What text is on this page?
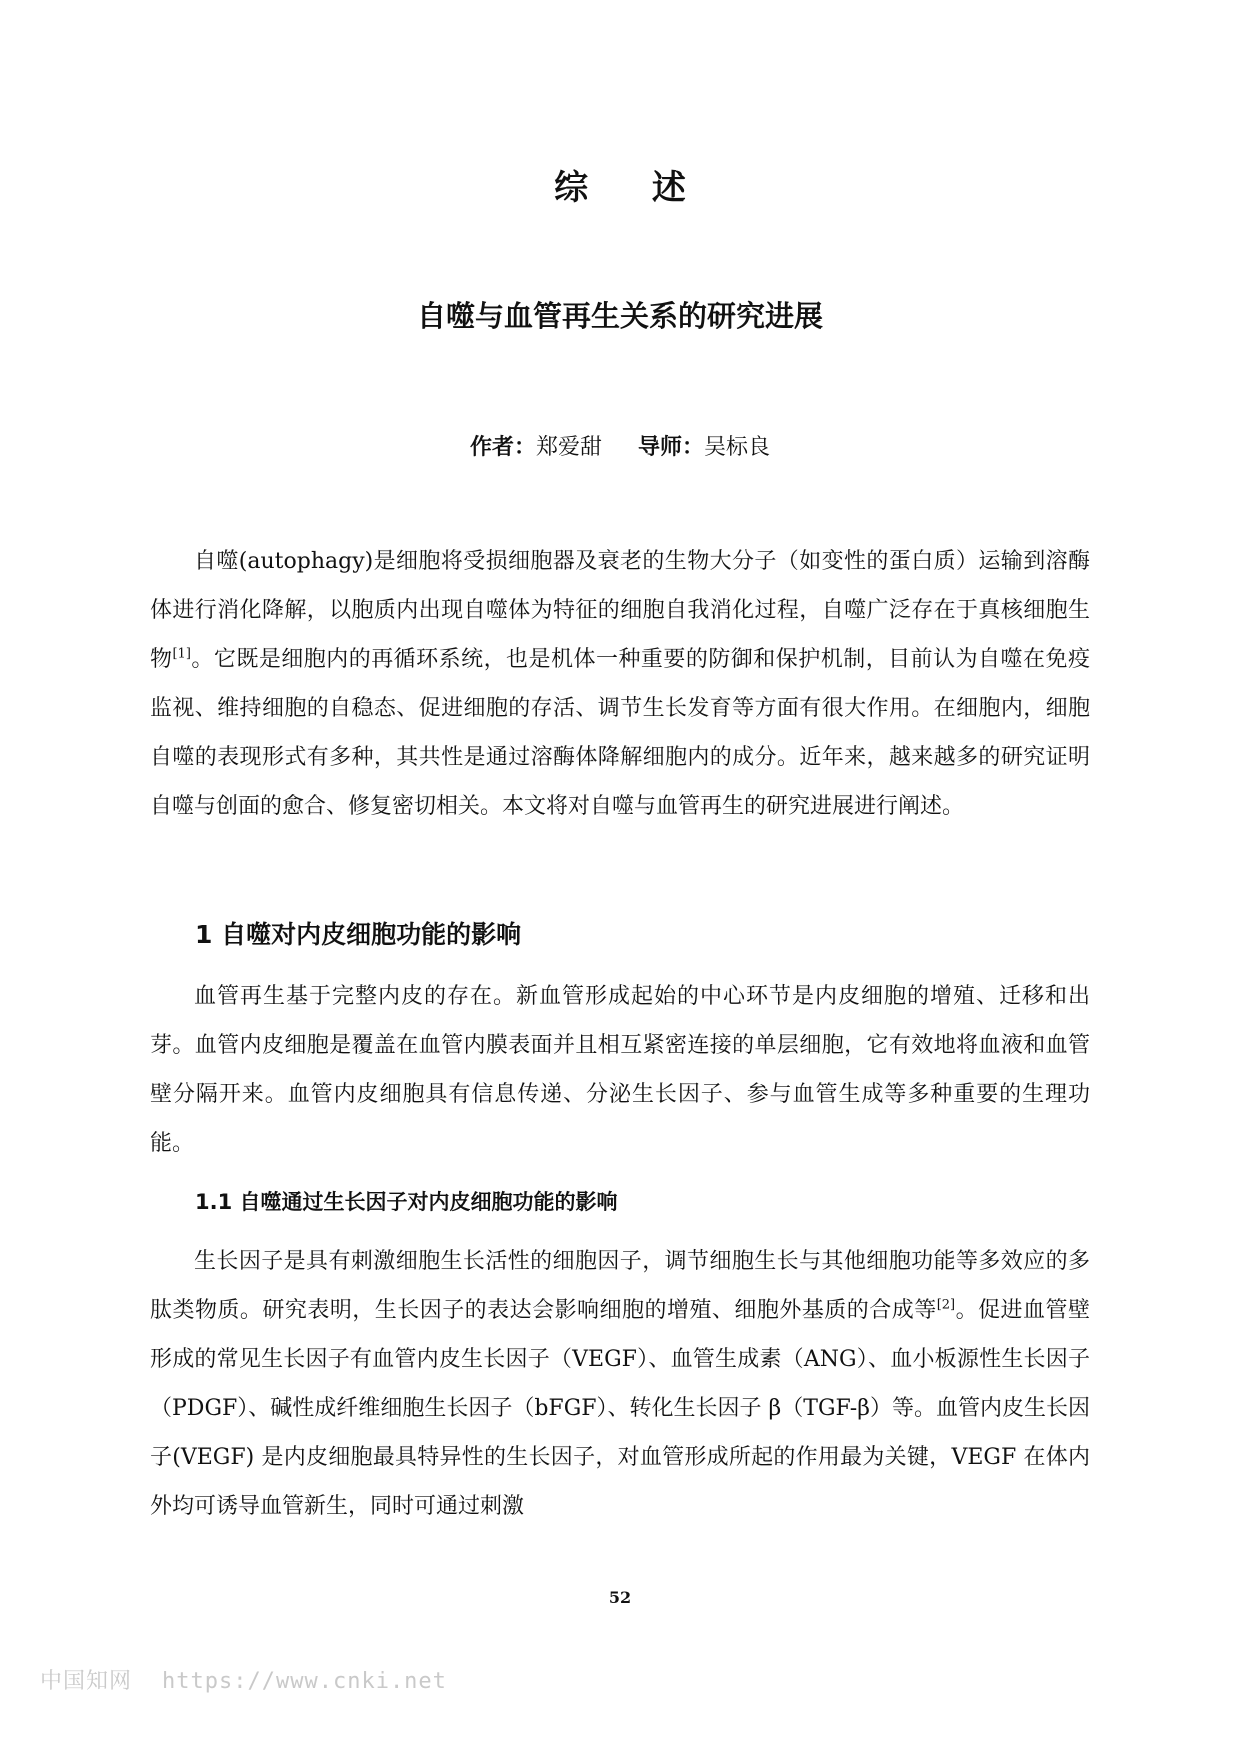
综 述
自噬与血管再生关系的研究进展
作者：郑爱甜 导师：吴标良

自噬(autophagy)是细胞将受损细胞器及衰老的生物大分子（如变性的蛋白质）运输到溶酶体进行消化降解，以胞质内出现自噬体为特征的细胞自我消化过程，自噬广泛存在于真核细胞生物[1]。它既是细胞内的再循环系统，也是机体一种重要的防御和保护机制，目前认为自噬在免疫监视、维持细胞的自稳态、促进细胞的存活、调节生长发育等方面有很大作用。在细胞内，细胞自噬的表现形式有多种，其共性是通过溶酶体降解细胞内的成分。近年来，越来越多的研究证明自噬与创面的愈合、修复密切相关。本文将对自噬与血管再生的研究进展进行阐述。

1 自噬对内皮细胞功能的影响

血管再生基于完整内皮的存在。新血管形成起始的中心环节是内皮细胞的增殖、迁移和出芽。血管内皮细胞是覆盖在血管内膜表面并且相互紧密连接的单层细胞，它有效地将血液和血管壁分隔开来。血管内皮细胞具有信息传递、分泌生长因子、参与血管生成等多种重要的生理功能。

1.1 自噬通过生长因子对内皮细胞功能的影响

生长因子是具有刺激细胞生长活性的细胞因子，调节细胞生长与其他细胞功能等多效应的多肽类物质。研究表明，生长因子的表达会影响细胞的增殖、细胞外基质的合成等[2]。促进血管壁形成的常见生长因子有血管内皮生长因子（VEGF）、血管生成素（ANG）、血小板源性生长因子（PDGF）、碱性成纤维细胞生长因子（bFGF）、转化生长因子 β（TGF-β）等。血管内皮生长因子(VEGF) 是内皮细胞最具特异性的生长因子，对血管形成所起的作用最为关键，VEGF 在体内外均可诱导血管新生，同时可通过刺激

52
中国知网 https://www.cnki.net
